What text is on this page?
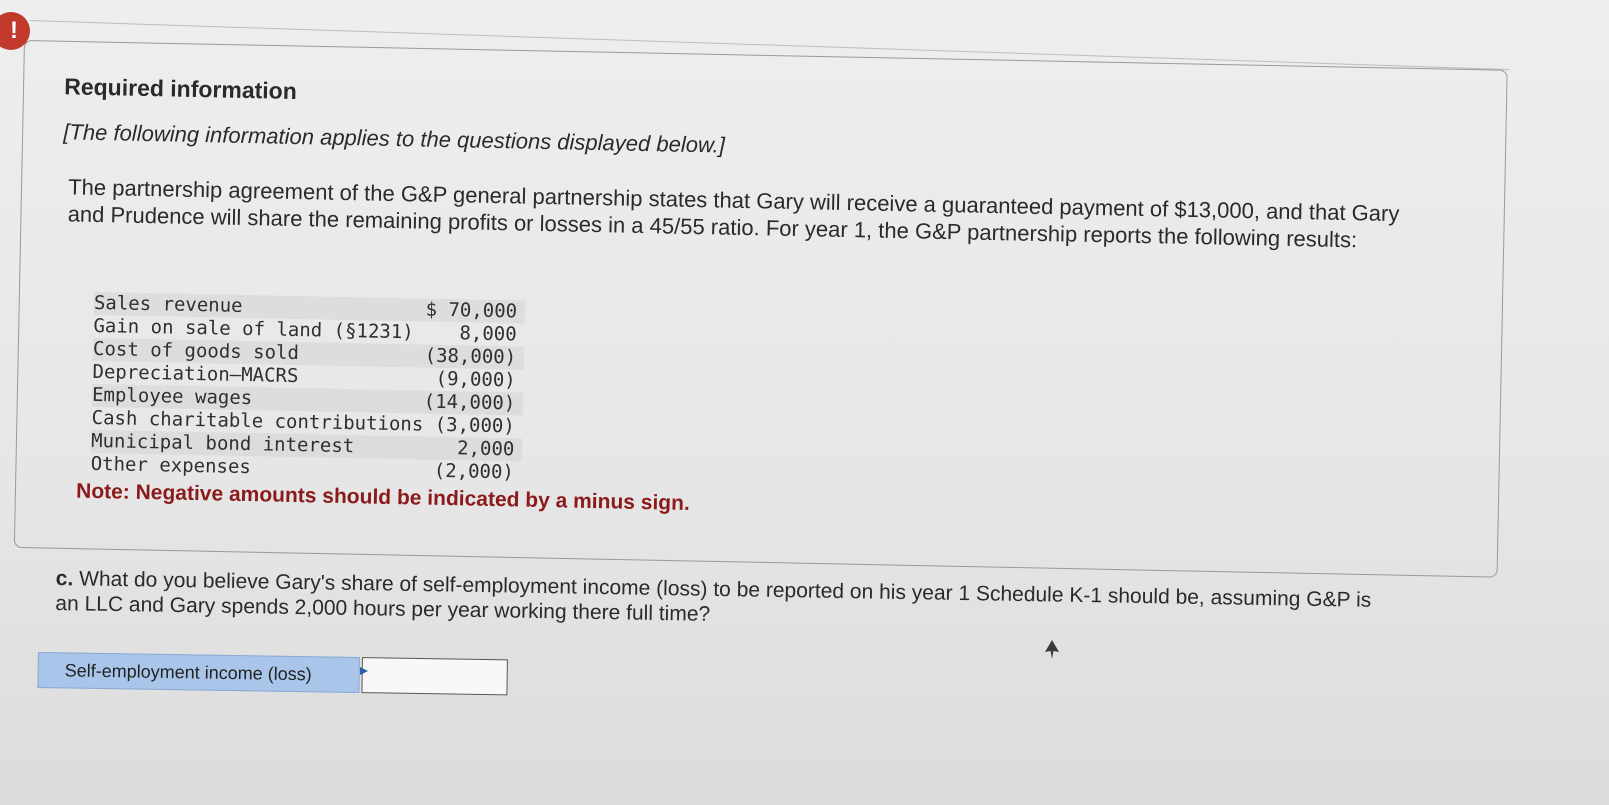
!
Required information
[The following information applies to the questions displayed below.]
The partnership agreement of the G&P general partnership states that Gary will receive a guaranteed payment of $13,000, and that Gary and Prudence will share the remaining profits or losses in a 45/55 ratio. For year 1, the G&P partnership reports the following results:
Sales revenue	$ 70,000
Gain on sale of land (§1231)	8,000
Cost of goods sold	(38,000)
Depreciation—MACRS	(9,000)
Employee wages	(14,000)
Cash charitable contributions	(3,000)
Municipal bond interest	2,000
Other expenses	(2,000)
Note: Negative amounts should be indicated by a minus sign.
c. What do you believe Gary's share of self-employment income (loss) to be reported on his year 1 Schedule K-1 should be, assuming G&P is an LLC and Gary spends 2,000 hours per year working there full time?
Self-employment income (loss)
